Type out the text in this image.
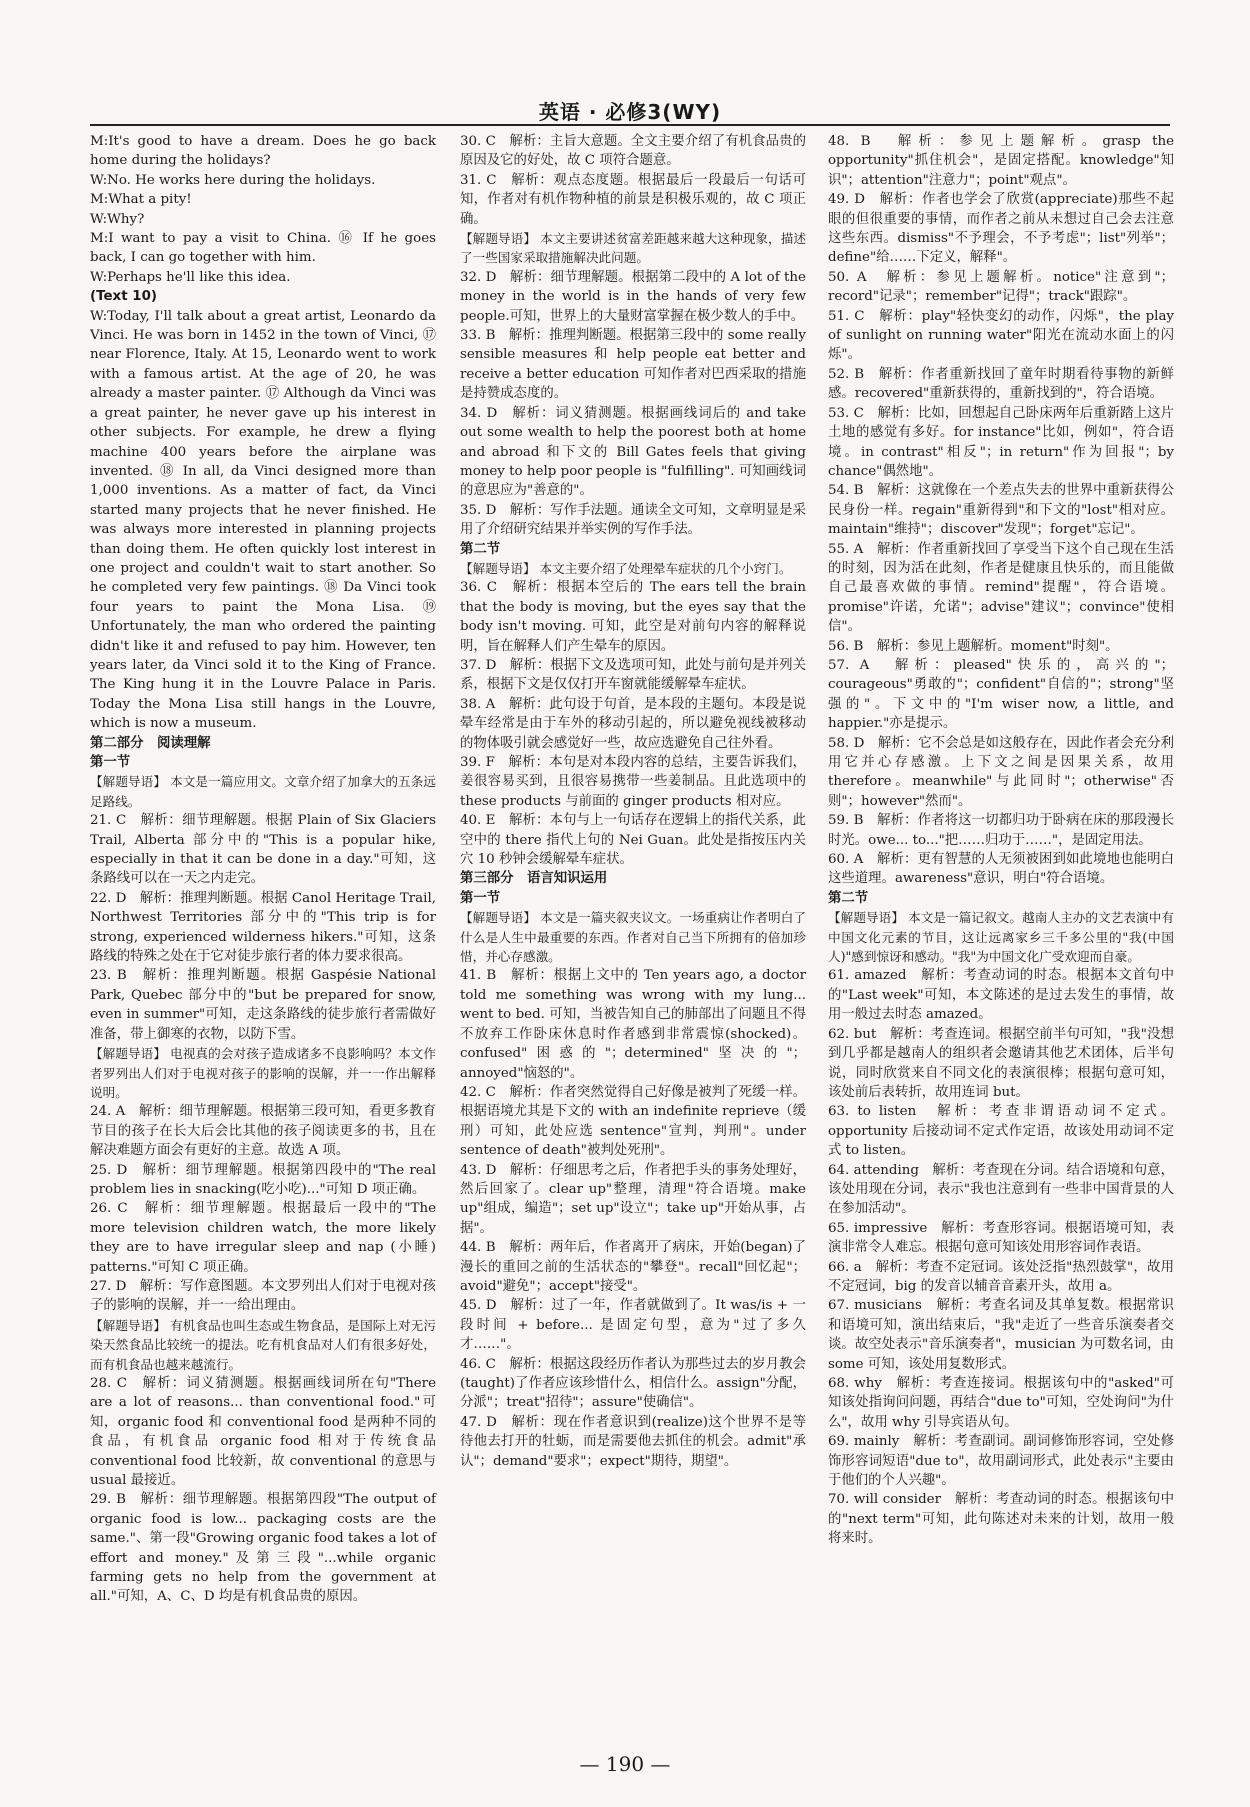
英语 · 必修3(WY)

M:It's good to have a dream. Does he go back home during the holidays?

W:No. He works here during the holidays.

M:What a pity!

W:Why?

M:I want to pay a visit to China. ⑯ If he goes back, I can go together with him.

W:Perhaps he'll like this idea.

(Text 10)

W:Today, I'll talk about a great artist, Leonardo da Vinci. He was born in 1452 in the town of Vinci, ⑰ near Florence, Italy. At 15, Leonardo went to work with a famous artist. At the age of 20, he was already a master painter. ⑰ Although da Vinci was a great painter, he never gave up his interest in other subjects. For example, he drew a flying machine 400 years before the airplane was invented. ⑱ In all, da Vinci designed more than 1,000 inventions. As a matter of fact, da Vinci started many projects that he never finished. He was always more interested in planning projects than doing them. He often quickly lost interest in one project and couldn't wait to start another. So he completed very few paintings. ⑱ Da Vinci took four years to paint the Mona Lisa. ⑲ Unfortunately, the man who ordered the painting didn't like it and refused to pay him. However, ten years later, da Vinci sold it to the King of France. The King hung it in the Louvre Palace in Paris. Today the Mona Lisa still hangs in the Louvre, which is now a museum.

第二部分　阅读理解

第一节

【解题导语】 本文是一篇应用文。文章介绍了加拿大的五条远足路线。

21. C　解析：细节理解题。根据 Plain of Six Glaciers Trail, Alberta 部分中的"This is a popular hike, especially in that it can be done in a day."可知，这条路线可以在一天之内走完。

22. D　解析：推理判断题。根据 Canol Heritage Trail, Northwest Territories 部分中的"This trip is for strong, experienced wilderness hikers."可知，这条路线的特殊之处在于它对徒步旅行者的体力要求很高。

23. B　解析：推理判断题。根据 Gaspésie National Park, Quebec 部分中的"but be prepared for snow, even in summer"可知，走这条路线的徒步旅行者需做好准备，带上御寒的衣物，以防下雪。

【解题导语】 电视真的会对孩子造成诸多不良影响吗？本文作者罗列出人们对于电视对孩子的影响的误解，并一一作出解释说明。

24. A　解析：细节理解题。根据第三段可知，看更多教育节目的孩子在长大后会比其他的孩子阅读更多的书，且在解决难题方面会有更好的主意。故选 A 项。

25. D　解析：细节理解题。根据第四段中的"The real problem lies in snacking(吃小吃)..."可知 D 项正确。

26. C　解析：细节理解题。根据最后一段中的"The more television children watch, the more likely they are to have irregular sleep and nap (小睡) patterns."可知 C 项正确。

27. D　解析：写作意图题。本文罗列出人们对于电视对孩子的影响的误解，并一一给出理由。

【解题导语】 有机食品也叫生态或生物食品，是国际上对无污染天然食品比较统一的提法。吃有机食品对人们有很多好处，而有机食品也越来越流行。

28. C　解析：词义猜测题。根据画线词所在句"There are a lot of reasons... than conventional food."可知，organic food 和 conventional food 是两种不同的食品，有机食品 organic food 相对于传统食品 conventional food 比较新，故 conventional 的意思与 usual 最接近。

29. B　解析：细节理解题。根据第四段"The output of organic food is low... packaging costs are the same."、第一段"Growing organic food takes a lot of effort and money."及第三段"...while organic farming gets no help from the government at all."可知，A、C、D 均是有机食品贵的原因。

30. C　解析：主旨大意题。全文主要介绍了有机食品贵的原因及它的好处，故 C 项符合题意。

31. C　解析：观点态度题。根据最后一段最后一句话可知，作者对有机作物种植的前景是积极乐观的，故 C 项正确。

【解题导语】 本文主要讲述贫富差距越来越大这种现象，描述了一些国家采取措施解决此问题。

32. D　解析：细节理解题。根据第二段中的 A lot of the money in the world is in the hands of very few people.可知，世界上的大量财富掌握在极少数人的手中。

33. B　解析：推理判断题。根据第三段中的 some really sensible measures 和 help people eat better and receive a better education 可知作者对巴西采取的措施是持赞成态度的。

34. D　解析：词义猜测题。根据画线词后的 and take out some wealth to help the poorest both at home and abroad 和下文的 Bill Gates feels that giving money to help poor people is "fulfilling". 可知画线词的意思应为"善意的"。

35. D　解析：写作手法题。通读全文可知，文章明显是采用了介绍研究结果并举实例的写作手法。

第二节

【解题导语】 本文主要介绍了处理晕车症状的几个小窍门。

36. C　解析：根据本空后的 The ears tell the brain that the body is moving, but the eyes say that the body isn't moving. 可知，此空是对前句内容的解释说明，旨在解释人们产生晕车的原因。

37. D　解析：根据下文及选项可知，此处与前句是并列关系，根据下文是仅仅打开车窗就能缓解晕车症状。

38. A　解析：此句设于句首，是本段的主题句。本段是说晕车经常是由于车外的移动引起的，所以避免视线被移动的物体吸引就会感觉好一些，故应选避免自己往外看。

39. F　解析：本句是对本段内容的总结，主要告诉我们，姜很容易买到，且很容易携带一些姜制品。且此选项中的 these products 与前面的 ginger products 相对应。

40. E　解析：本句与上一句话存在逻辑上的指代关系，此空中的 there 指代上句的 Nei Guan。此处是指按压内关穴 10 秒钟会缓解晕车症状。

第三部分　语言知识运用

第一节

【解题导语】 本文是一篇夹叙夹议文。一场重病让作者明白了什么是人生中最重要的东西。作者对自己当下所拥有的倍加珍惜，并心存感激。

41. B　解析：根据上文中的 Ten years ago, a doctor told me something was wrong with my lung... went to bed. 可知，当被告知自己的肺部出了问题且不得不放弃工作卧床休息时作者感到非常震惊(shocked)。confused"困惑的"；determined"坚决的"；annoyed"恼怒的"。

42. C　解析：作者突然觉得自己好像是被判了死缓一样。根据语境尤其是下文的 with an indefinite reprieve（缓刑）可知，此处应选 sentence"宣判，判刑"。under sentence of death"被判处死刑"。

43. D　解析：仔细思考之后，作者把手头的事务处理好，然后回家了。clear up"整理，清理"符合语境。make up"组成，编造"；set up"设立"；take up"开始从事，占据"。

44. B　解析：两年后，作者离开了病床，开始(began)了漫长的重回之前的生活状态的"攀登"。recall"回忆起"；avoid"避免"；accept"接受"。

45. D　解析：过了一年，作者就做到了。It was/is + 一段时间 + before... 是固定句型，意为"过了多久才……"。

46. C　解析：根据这段经历作者认为那些过去的岁月教会(taught)了作者应该珍惜什么，相信什么。assign"分配，分派"；treat"招待"；assure"使确信"。

47. D　解析：现在作者意识到(realize)这个世界不是等待他去打开的牡蛎，而是需要他去抓住的机会。admit"承认"；demand"要求"；expect"期待，期望"。

48. B　解析：参见上题解析。grasp the opportunity"抓住机会"，是固定搭配。knowledge"知识"；attention"注意力"；point"观点"。

49. D　解析：作者也学会了欣赏(appreciate)那些不起眼的但很重要的事情，而作者之前从未想过自己会去注意这些东西。dismiss"不予理会，不予考虑"；list"列举"；define"给……下定义，解释"。

50. A　解析：参见上题解析。notice"注意到"；record"记录"；remember"记得"；track"跟踪"。

51. C　解析：play"轻快变幻的动作，闪烁"，the play of sunlight on running water"阳光在流动水面上的闪烁"。

52. B　解析：作者重新找回了童年时期看待事物的新鲜感。recovered"重新获得的，重新找到的"，符合语境。

53. C　解析：比如，回想起自己卧床两年后重新踏上这片土地的感觉有多好。for instance"比如，例如"，符合语境。in contrast"相反"；in return"作为回报"；by chance"偶然地"。

54. B　解析：这就像在一个差点失去的世界中重新获得公民身份一样。regain"重新得到"和下文的"lost"相对应。maintain"维持"；discover"发现"；forget"忘记"。

55. A　解析：作者重新找回了享受当下这个自己现在生活的时刻，因为活在此刻，作者是健康且快乐的，而且能做自己最喜欢做的事情。remind"提醒"，符合语境。promise"许诺，允诺"；advise"建议"；convince"使相信"。

56. B　解析：参见上题解析。moment"时刻"。

57. A　解析：pleased"快乐的，高兴的"；courageous"勇敢的"；confident"自信的"；strong"坚强的"。下文中的"I'm wiser now, a little, and happier."亦是提示。

58. D　解析：它不会总是如这般存在，因此作者会充分利用它并心存感激。上下文之间是因果关系，故用 therefore。meanwhile"与此同时"；otherwise"否则"；however"然而"。

59. B　解析：作者将这一切都归功于卧病在床的那段漫长时光。owe... to..."把……归功于……"，是固定用法。

60. A　解析：更有智慧的人无须被困到如此境地也能明白这些道理。awareness"意识，明白"符合语境。

第二节

【解题导语】 本文是一篇记叙文。越南人主办的文艺表演中有中国文化元素的节目，这让远离家乡三千多公里的"我(中国人)"感到惊讶和感动。"我"为中国文化广受欢迎而自豪。

61. amazed　解析：考查动词的时态。根据本文首句中的"Last week"可知，本文陈述的是过去发生的事情，故用一般过去时态 amazed。

62. but　解析：考查连词。根据空前半句可知，"我"没想到几乎都是越南人的组织者会邀请其他艺术团体，后半句说，同时欣赏来自不同文化的表演很棒；根据句意可知，该处前后表转折，故用连词 but。

63. to listen　解析：考查非谓语动词不定式。opportunity 后接动词不定式作定语，故该处用动词不定式 to listen。

64. attending　解析：考查现在分词。结合语境和句意，该处用现在分词，表示"我也注意到有一些非中国背景的人在参加活动"。

65. impressive　解析：考查形容词。根据语境可知，表演非常令人难忘。根据句意可知该处用形容词作表语。

66. a　解析：考查不定冠词。该处泛指"热烈鼓掌"，故用不定冠词，big 的发音以辅音音素开头，故用 a。

67. musicians　解析：考查名词及其单复数。根据常识和语境可知，演出结束后，"我"走近了一些音乐演奏者交谈。故空处表示"音乐演奏者"，musician 为可数名词，由 some 可知，该处用复数形式。

68. why　解析：考查连接词。根据该句中的"asked"可知该处指询问问题，再结合"due to"可知，空处询问"为什么"，故用 why 引导宾语从句。

69. mainly　解析：考查副词。副词修饰形容词，空处修饰形容词短语"due to"，故用副词形式，此处表示"主要由于他们的个人兴趣"。

70. will consider　解析：考查动词的时态。根据该句中的"next term"可知，此句陈述对未来的计划，故用一般将来时。

— 190 —
